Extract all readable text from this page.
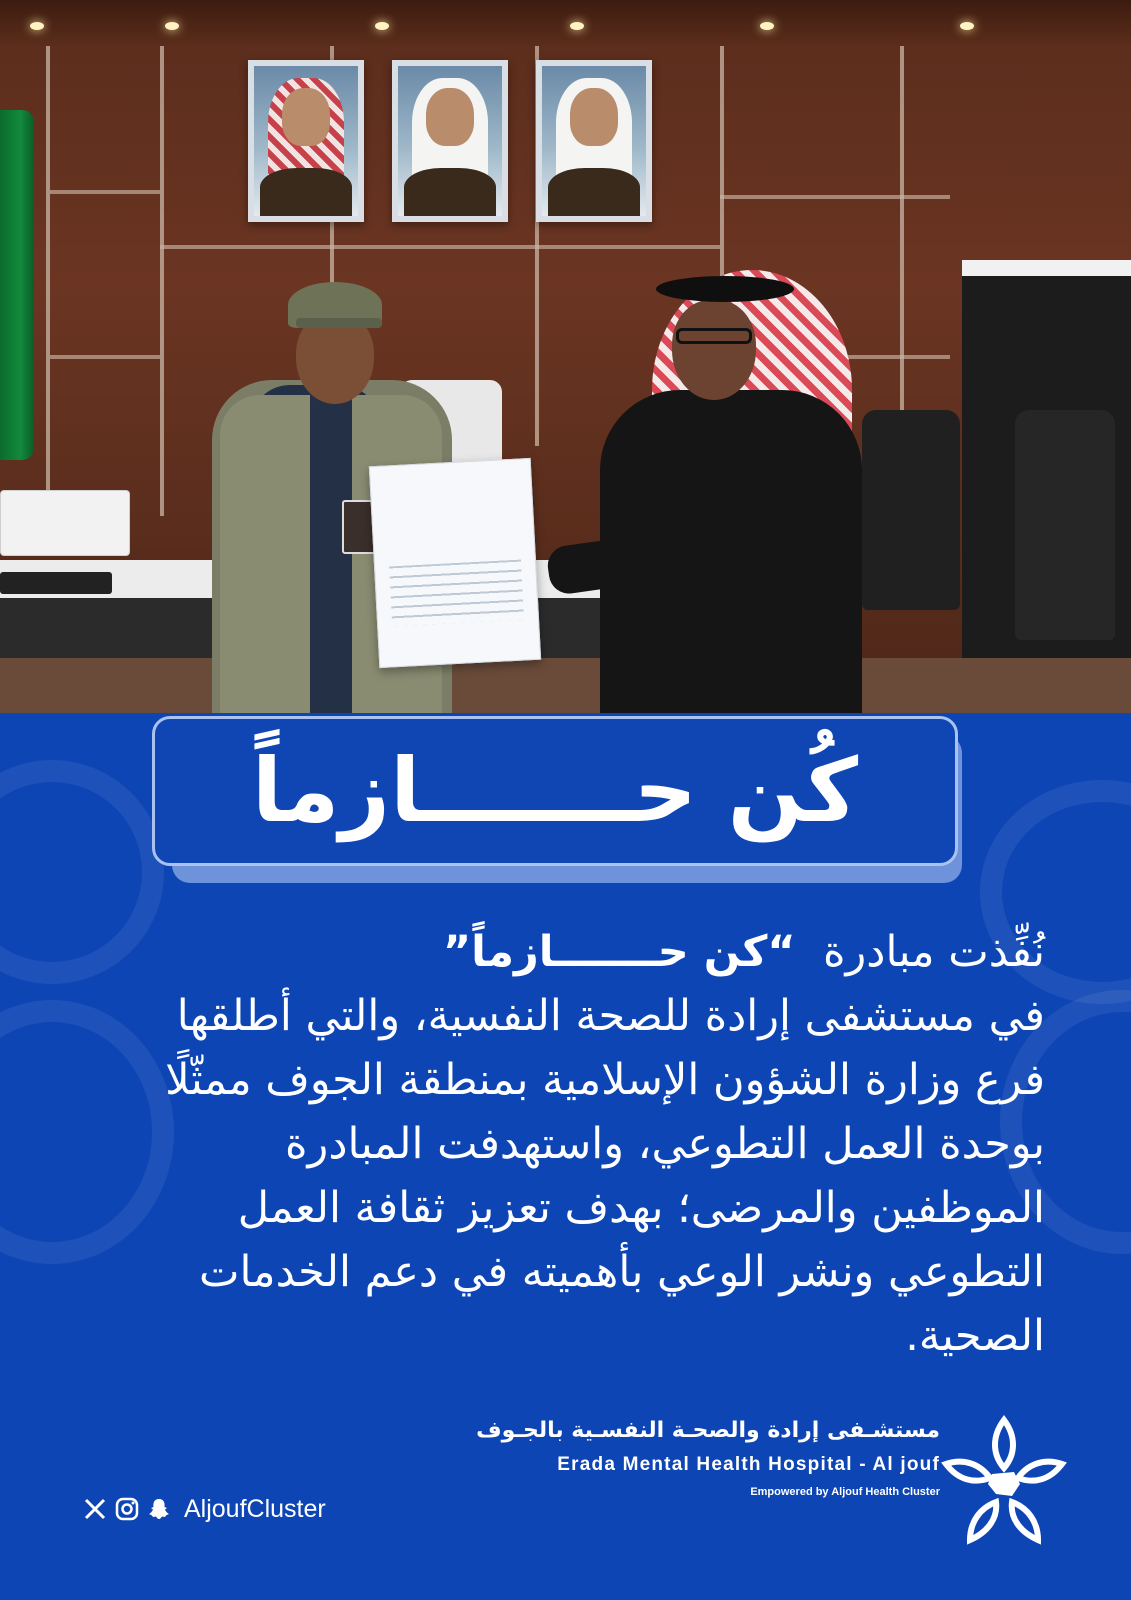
كُن حـــــــازماً
نُفِّذت مبادرة  “كن حـــــــازماً”
في مستشفى إرادة للصحة النفسية، والتي أطلقها
فرع وزارة الشؤون الإسلامية بمنطقة الجوف ممثّلًا
بوحدة العمل التطوعي، واستهدفت المبادرة
الموظفين والمرضى؛ بهدف تعزيز ثقافة العمل
التطوعي ونشر الوعي بأهميته في دعم الخدمات
الصحية.
AljoufCluster
مستشـفى إرادة والصحـة النفسـية بالجـوف
Erada Mental Health Hospital - Al jouf
Empowered by Aljouf Health Cluster
